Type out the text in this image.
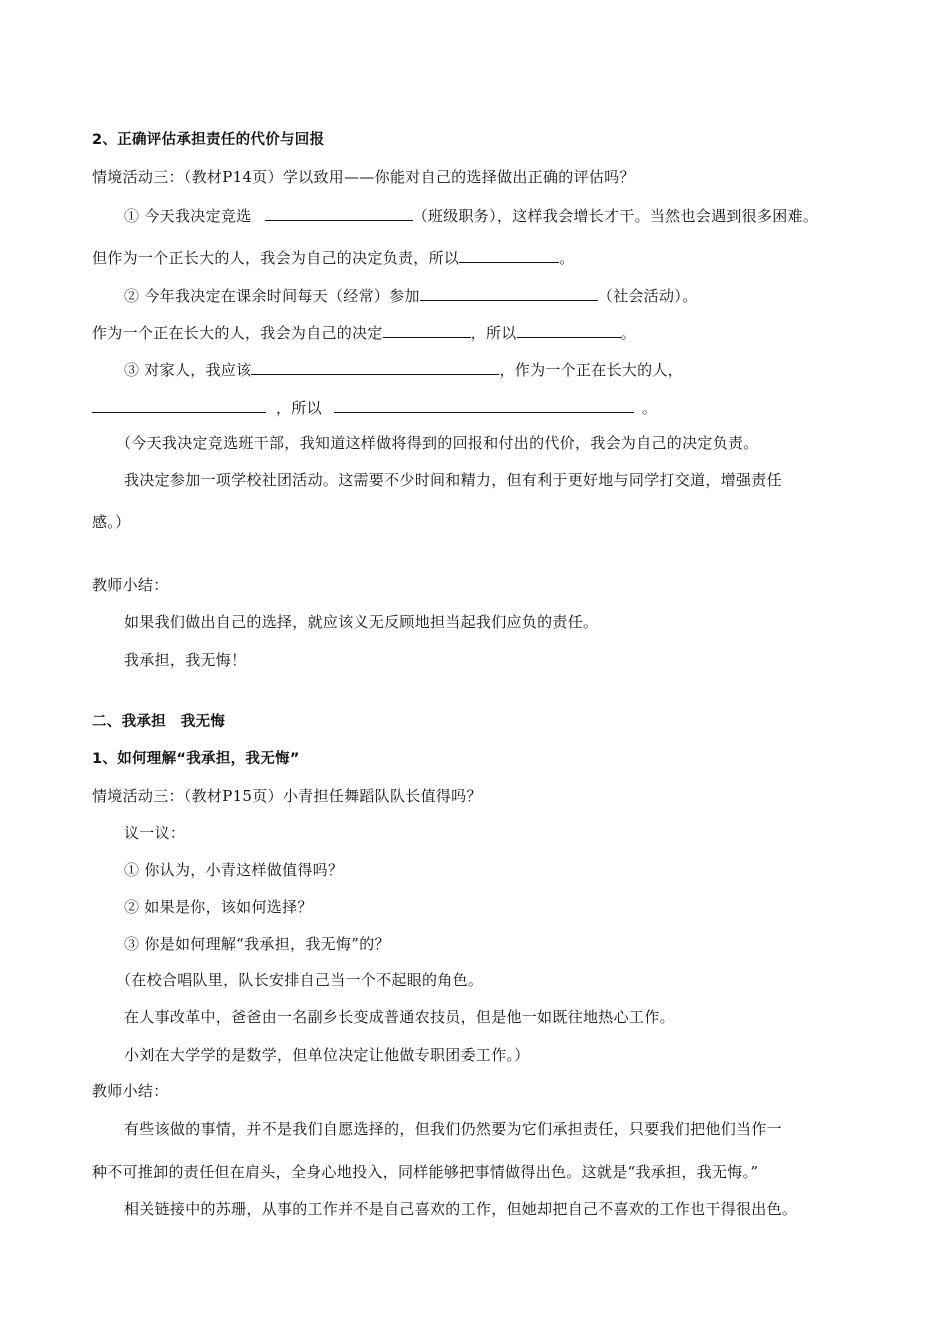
2、正确评估承担责任的代价与回报
情境活动三：（教材P14页）学以致用——你能对自己的选择做出正确的评估吗？
① 今天我决定竞选	（班级职务），这样我会增长才干。当然也会遇到很多困难。
但作为一个正长大的人，我会为自己的决定负责，所以	。
② 今年我决定在课余时间每天（经常）参加	（社会活动）。
作为一个正在长大的人，我会为自己的决定	，所以	。
③ 对家人，我应该	，作为一个正在长大的人，
，所以	。
（今天我决定竞选班干部，我知道这样做将得到的回报和付出的代价，我会为自己的决定负责。
我决定参加一项学校社团活动。这需要不少时间和精力，但有利于更好地与同学打交道，增强责任
感。）
教师小结：
如果我们做出自己的选择，就应该义无反顾地担当起我们应负的责任。
我承担，我无悔！
二、我承担　我无悔
1、如何理解“我承担，我无悔”
情境活动三：（教材P15页）小青担任舞蹈队队长值得吗？
议一议：
① 你认为，小青这样做值得吗？
② 如果是你，该如何选择？
③ 你是如何理解“我承担，我无悔”的？
（在校合唱队里，队长安排自己当一个不起眼的角色。
在人事改革中，爸爸由一名副乡长变成普通农技员，但是他一如既往地热心工作。
小刘在大学学的是数学，但单位决定让他做专职团委工作。）
教师小结：
有些该做的事情，并不是我们自愿选择的，但我们仍然要为它们承担责任，只要我们把他们当作一
种不可推卸的责任但在肩头，全身心地投入，同样能够把事情做得出色。这就是“我承担，我无悔。”
相关链接中的苏珊，从事的工作并不是自己喜欢的工作，但她却把自己不喜欢的工作也干得很出色。
